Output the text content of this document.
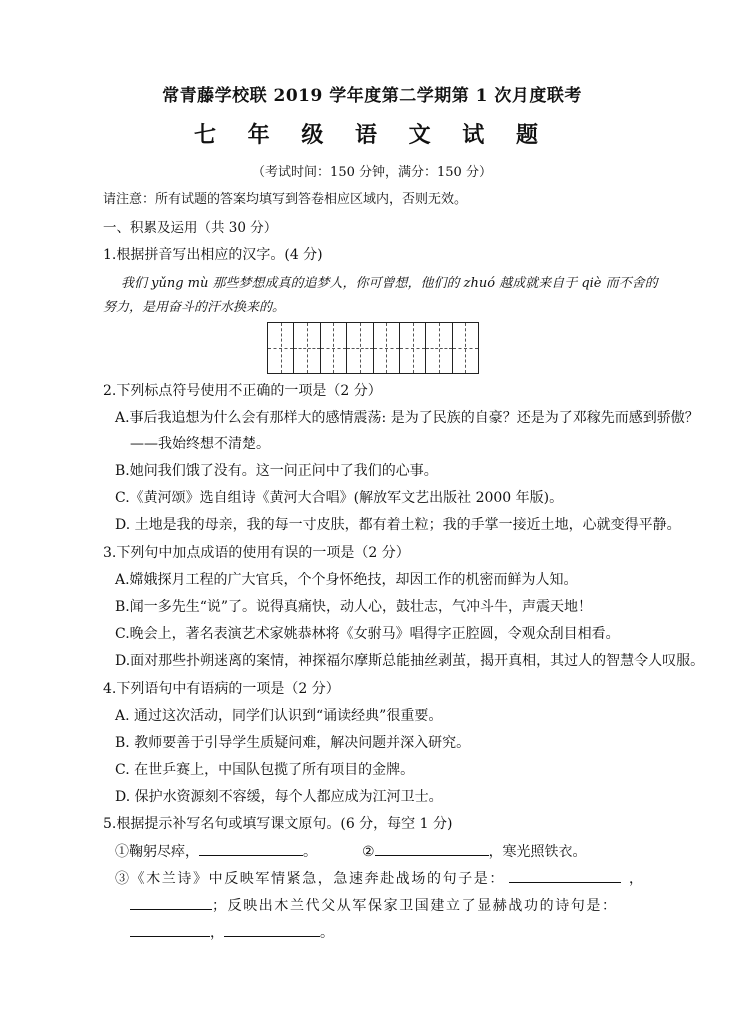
常青藤学校联 2019 学年度第二学期第 1 次月度联考
七 年 级 语 文 试 题
（考试时间：150 分钟，满分：150 分）
请注意：所有试题的答案均填写到答卷相应区域内，否则无效。
一、积累及运用（共 30 分）
1.根据拼音写出相应的汉字。(4 分)
我们 yǔng mù 那些梦想成真的追梦人，你可曾想，他们的 zhuó 越成就来自于 qiè 而不舍的
努力，是用奋斗的汗水换来的。
2.下列标点符号使用不正确的一项是（2 分）
A.事后我追想为什么会有那样大的感情震荡: 是为了民族的自豪？还是为了邓稼先而感到骄傲？
——我始终想不清楚。
B.她问我们饿了没有。这一问正问中了我们的心事。
C.《黄河颂》选自组诗《黄河大合唱》(解放军文艺出版社 2000 年版)。
D. 土地是我的母亲，我的每一寸皮肤，都有着土粒；我的手掌一接近土地，心就变得平静。
3.下列句中加点成语的使用有误的一项是（2 分）
A.嫦娥探月工程的广大官兵，个个身怀绝技，却因工作的机密而鲜为人知。
B.闻一多先生“说”了。说得真痛快，动人心，鼓壮志，气冲斗牛，声震天地！
C.晚会上，著名表演艺术家姚恭林将《女驸马》唱得字正腔圆，令观众刮目相看。
D.面对那些扑朔迷离的案情，神探福尔摩斯总能抽丝剥茧，揭开真相，其过人的智慧令人叹服。
4.下列语句中有语病的一项是（2 分）
A. 通过这次活动，同学们认识到“诵读经典”很重要。
B. 教师要善于引导学生质疑问难，解决问题并深入研究。
C. 在世乒赛上，中国队包揽了所有项目的金牌。
D. 保护水资源刻不容缓，每个人都应成为江河卫士。
5.根据提示补写名句或填写课文原句。(6 分，每空 1 分)
①鞠躬尽瘁，	。	②	，寒光照铁衣。
③《木兰诗》中反映军情紧急，急速奔赴战场的句子是：	，
；反映出木兰代父从军保家卫国建立了显赫战功的诗句是：
，	。
